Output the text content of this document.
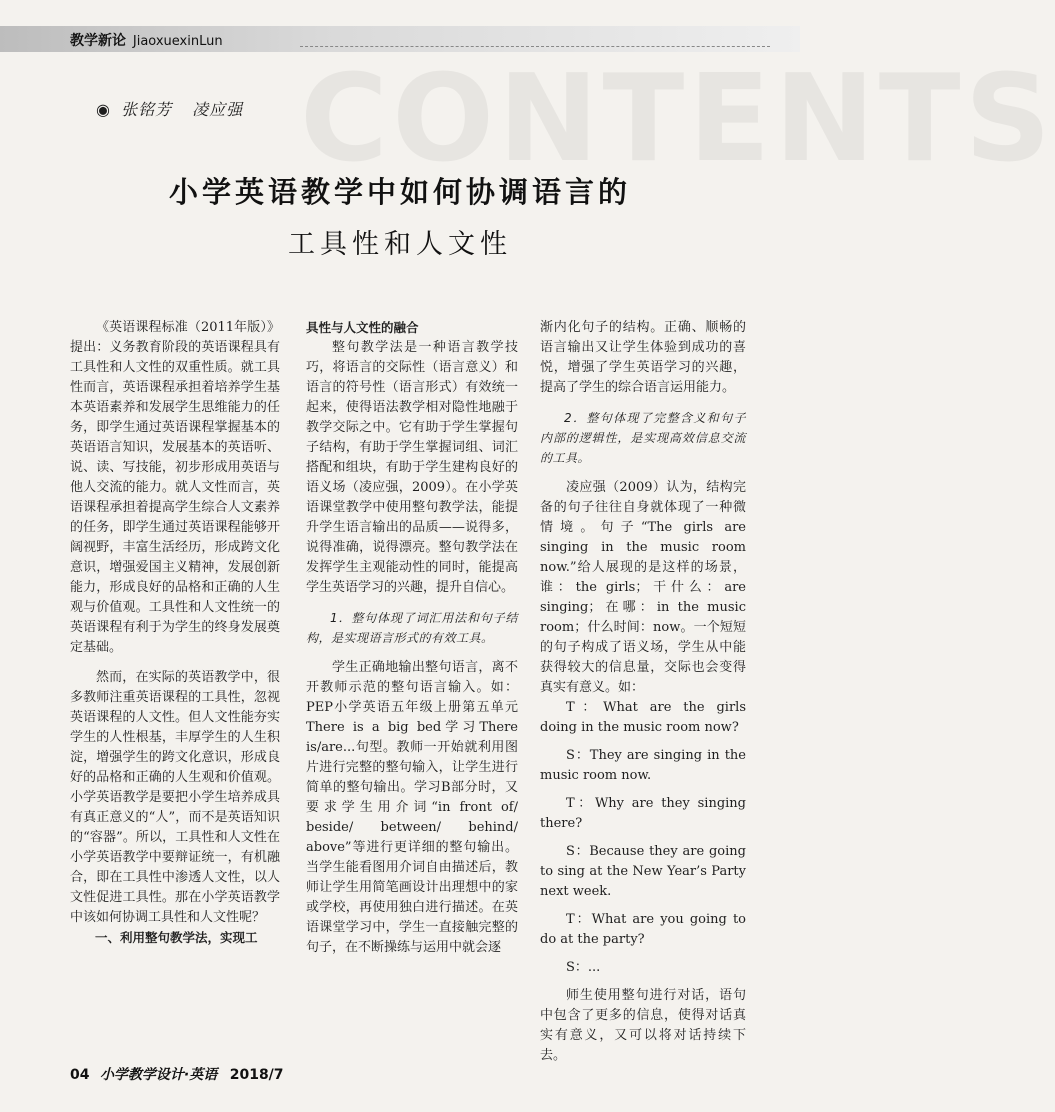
教学新论 JiaoxuexinLun
CONTENTS
◉ 张铭芳 凌应强
小学英语教学中如何协调语言的
工具性和人文性

《英语课程标准（2011年版）》提出：义务教育阶段的英语课程具有工具性和人文性的双重性质。就工具性而言，英语课程承担着培养学生基本英语素养和发展学生思维能力的任务，即学生通过英语课程掌握基本的英语语言知识，发展基本的英语听、说、读、写技能，初步形成用英语与他人交流的能力。就人文性而言，英语课程承担着提高学生综合人文素养的任务，即学生通过英语课程能够开阔视野，丰富生活经历，形成跨文化意识，增强爱国主义精神，发展创新能力，形成良好的品格和正确的人生观与价值观。工具性和人文性统一的英语课程有利于为学生的终身发展奠定基础。

然而，在实际的英语教学中，很多教师注重英语课程的工具性，忽视英语课程的人文性。但人文性能夯实学生的人性根基，丰厚学生的人生积淀，增强学生的跨文化意识，形成良好的品格和正确的人生观和价值观。小学英语教学是要把小学生培养成具有真正意义的“人”，而不是英语知识的“容器”。所以，工具性和人文性在小学英语教学中要辩证统一，有机融合，即在工具性中渗透人文性，以人文性促进工具性。那在小学英语教学中该如何协调工具性和人文性呢？

一、利用整句教学法，实现工

具性与人文性的融合

整句教学法是一种语言教学技巧，将语言的交际性（语言意义）和语言的符号性（语言形式）有效统一起来，使得语法教学相对隐性地融于教学交际之中。它有助于学生掌握句子结构，有助于学生掌握词组、词汇搭配和组块，有助于学生建构良好的语义场（凌应强，2009）。在小学英语课堂教学中使用整句教学法，能提升学生语言输出的品质——说得多，说得准确，说得漂亮。整句教学法在发挥学生主观能动性的同时，能提高学生英语学习的兴趣，提升自信心。

1．整句体现了词汇用法和句子结构，是实现语言形式的有效工具。

学生正确地输出整句语言，离不开教师示范的整句语言输入。如：PEP小学英语五年级上册第五单元There is a big bed学习There is/are...句型。教师一开始就利用图片进行完整的整句输入，让学生进行简单的整句输出。学习B部分时，又要求学生用介词“in front of/ beside/ between/ behind/ above”等进行更详细的整句输出。当学生能看图用介词自由描述后，教师让学生用简笔画设计出理想中的家或学校，再使用独白进行描述。在英语课堂学习中，学生一直接触完整的句子，在不断操练与运用中就会逐

渐内化句子的结构。正确、顺畅的语言输出又让学生体验到成功的喜悦，增强了学生英语学习的兴趣，提高了学生的综合语言运用能力。

2．整句体现了完整含义和句子内部的逻辑性，是实现高效信息交流的工具。

凌应强（2009）认为，结构完备的句子往往自身就体现了一种微情境。句子“The girls are singing in the music room now.”给人展现的是这样的场景，谁：the girls；干什么：are singing；在哪：in the music room；什么时间：now。一个短短的句子构成了语义场，学生从中能获得较大的信息量，交际也会变得真实有意义。如：

T：What are the girls doing in the music room now?

S：They are singing in the music room now.

T：Why are they singing there?

S：Because they are going to sing at the New Year’s Party next week.

T：What are you going to do at the party?

S：...

师生使用整句进行对话，语句中包含了更多的信息，使得对话真实有意义，又可以将对话持续下去。

04 小学教学设计·英语 2018/7
